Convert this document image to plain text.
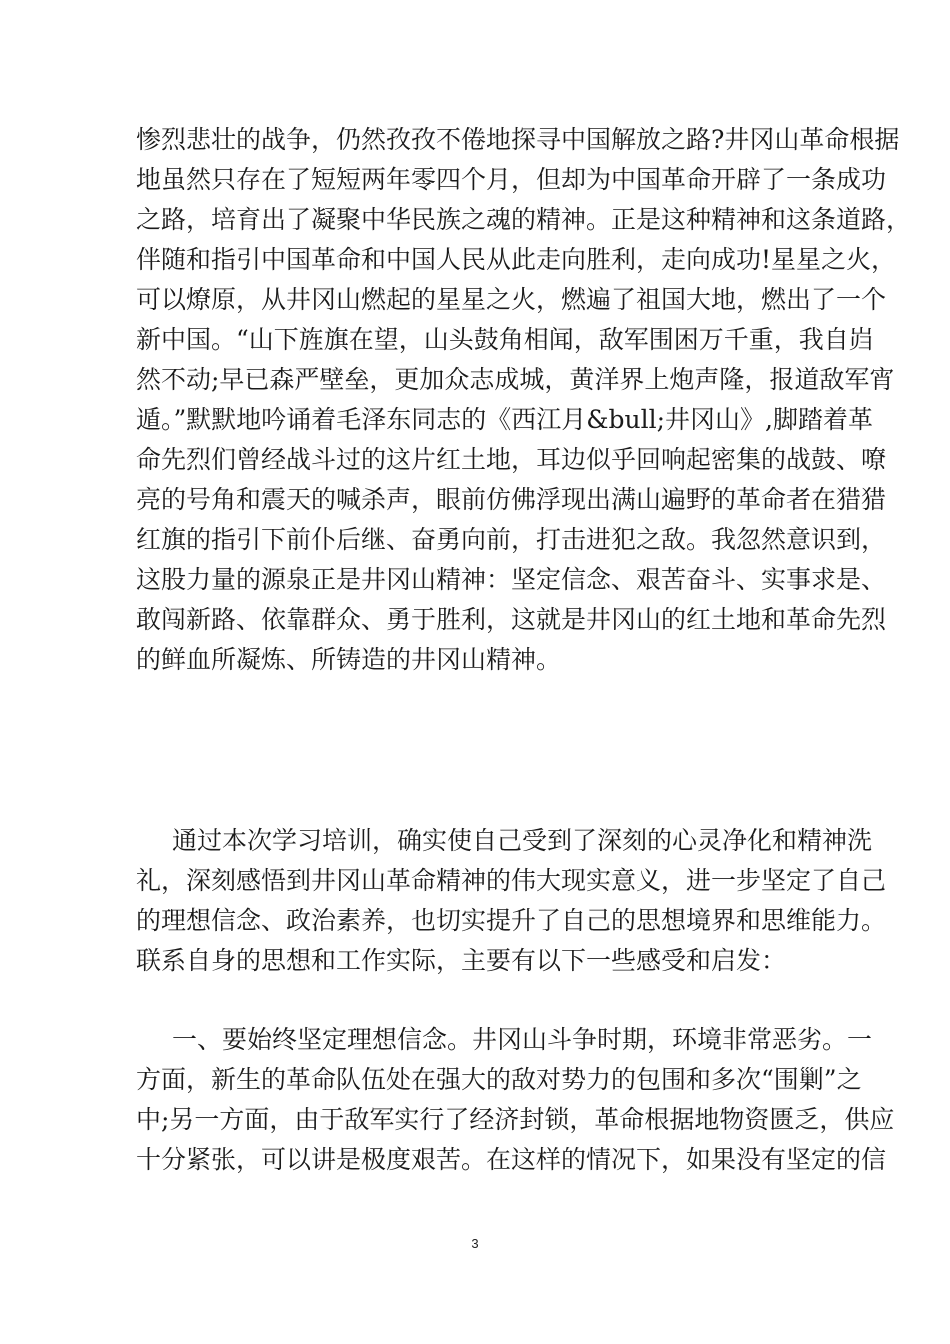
惨烈悲壮的战争，仍然孜孜不倦地探寻中国解放之路?井冈山革命根据
地虽然只存在了短短两年零四个月，但却为中国革命开辟了一条成功
之路，培育出了凝聚中华民族之魂的精神。正是这种精神和这条道路，
伴随和指引中国革命和中国人民从此走向胜利，走向成功!星星之火，
可以燎原，从井冈山燃起的星星之火，燃遍了祖国大地，燃出了一个
新中国。“山下旌旗在望，山头鼓角相闻，敌军围困万千重，我自岿
然不动;早已森严壁垒，更加众志成城，黄洋界上炮声隆，报道敌军宵
遁。”默默地吟诵着毛泽东同志的《西江月&bull;井冈山》,脚踏着革
命先烈们曾经战斗过的这片红土地，耳边似乎回响起密集的战鼓、嘹
亮的号角和震天的喊杀声，眼前仿佛浮现出满山遍野的革命者在猎猎
红旗的指引下前仆后继、奋勇向前，打击进犯之敌。我忽然意识到，
这股力量的源泉正是井冈山精神：坚定信念、艰苦奋斗、实事求是、
敢闯新路、依靠群众、勇于胜利，这就是井冈山的红土地和革命先烈
的鲜血所凝炼、所铸造的井冈山精神。
通过本次学习培训，确实使自己受到了深刻的心灵净化和精神洗
礼，深刻感悟到井冈山革命精神的伟大现实意义，进一步坚定了自己
的理想信念、政治素养，也切实提升了自己的思想境界和思维能力。
联系自身的思想和工作实际，主要有以下一些感受和启发：
一、要始终坚定理想信念。井冈山斗争时期，环境非常恶劣。一
方面，新生的革命队伍处在强大的敌对势力的包围和多次“围剿”之
中;另一方面，由于敌军实行了经济封锁，革命根据地物资匮乏，供应
十分紧张，可以讲是极度艰苦。在这样的情况下，如果没有坚定的信
3
